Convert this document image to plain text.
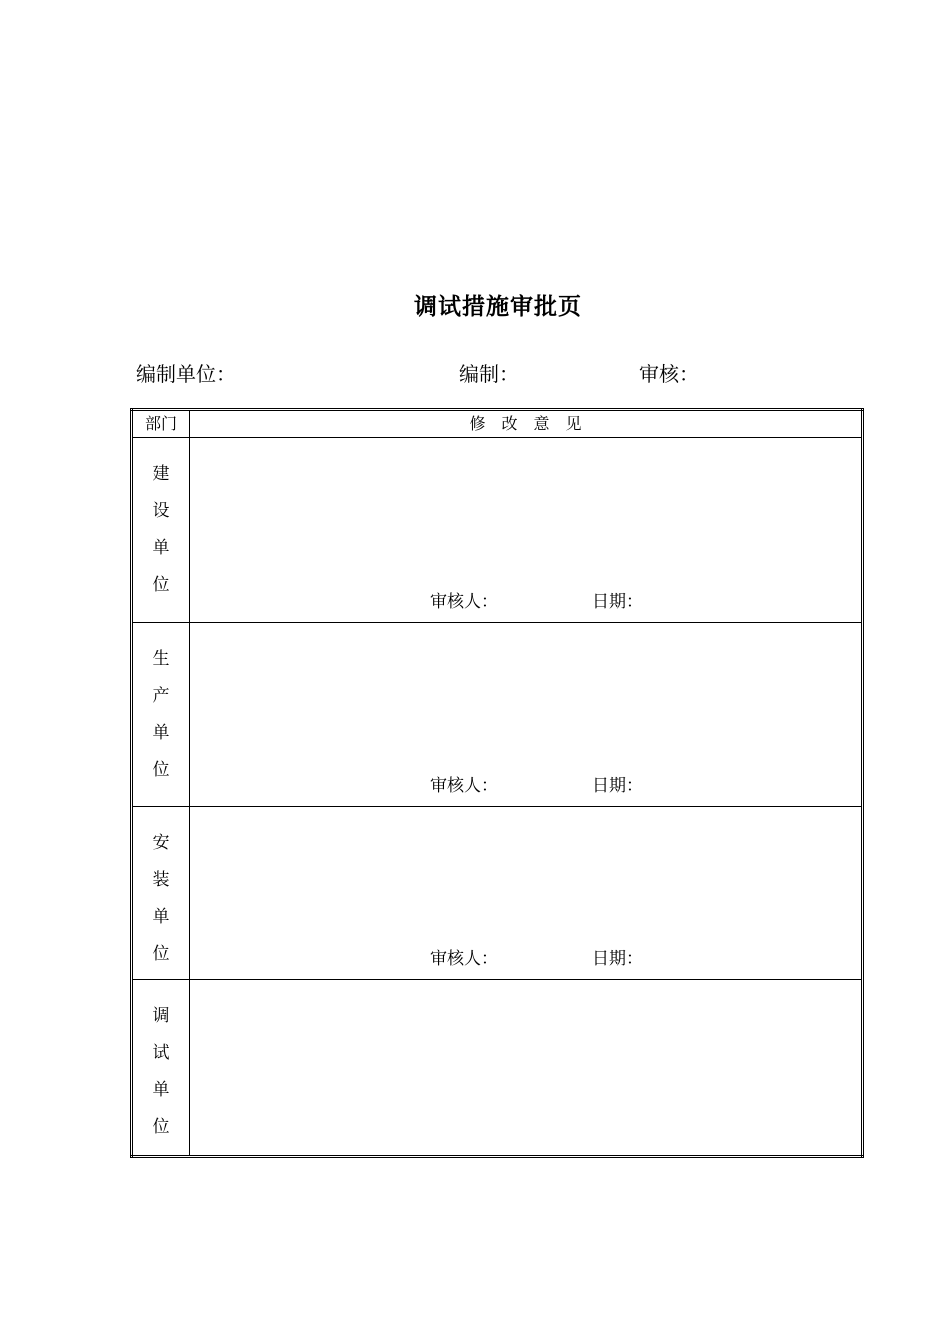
调试措施审批页
编制单位：	编制：	审核：
部门	修　改　意　见

建
设
单
位	审核人： 日期：

生
产
单
位	审核人： 日期：

安
装
单
位	审核人： 日期：

调
试
单
位	
